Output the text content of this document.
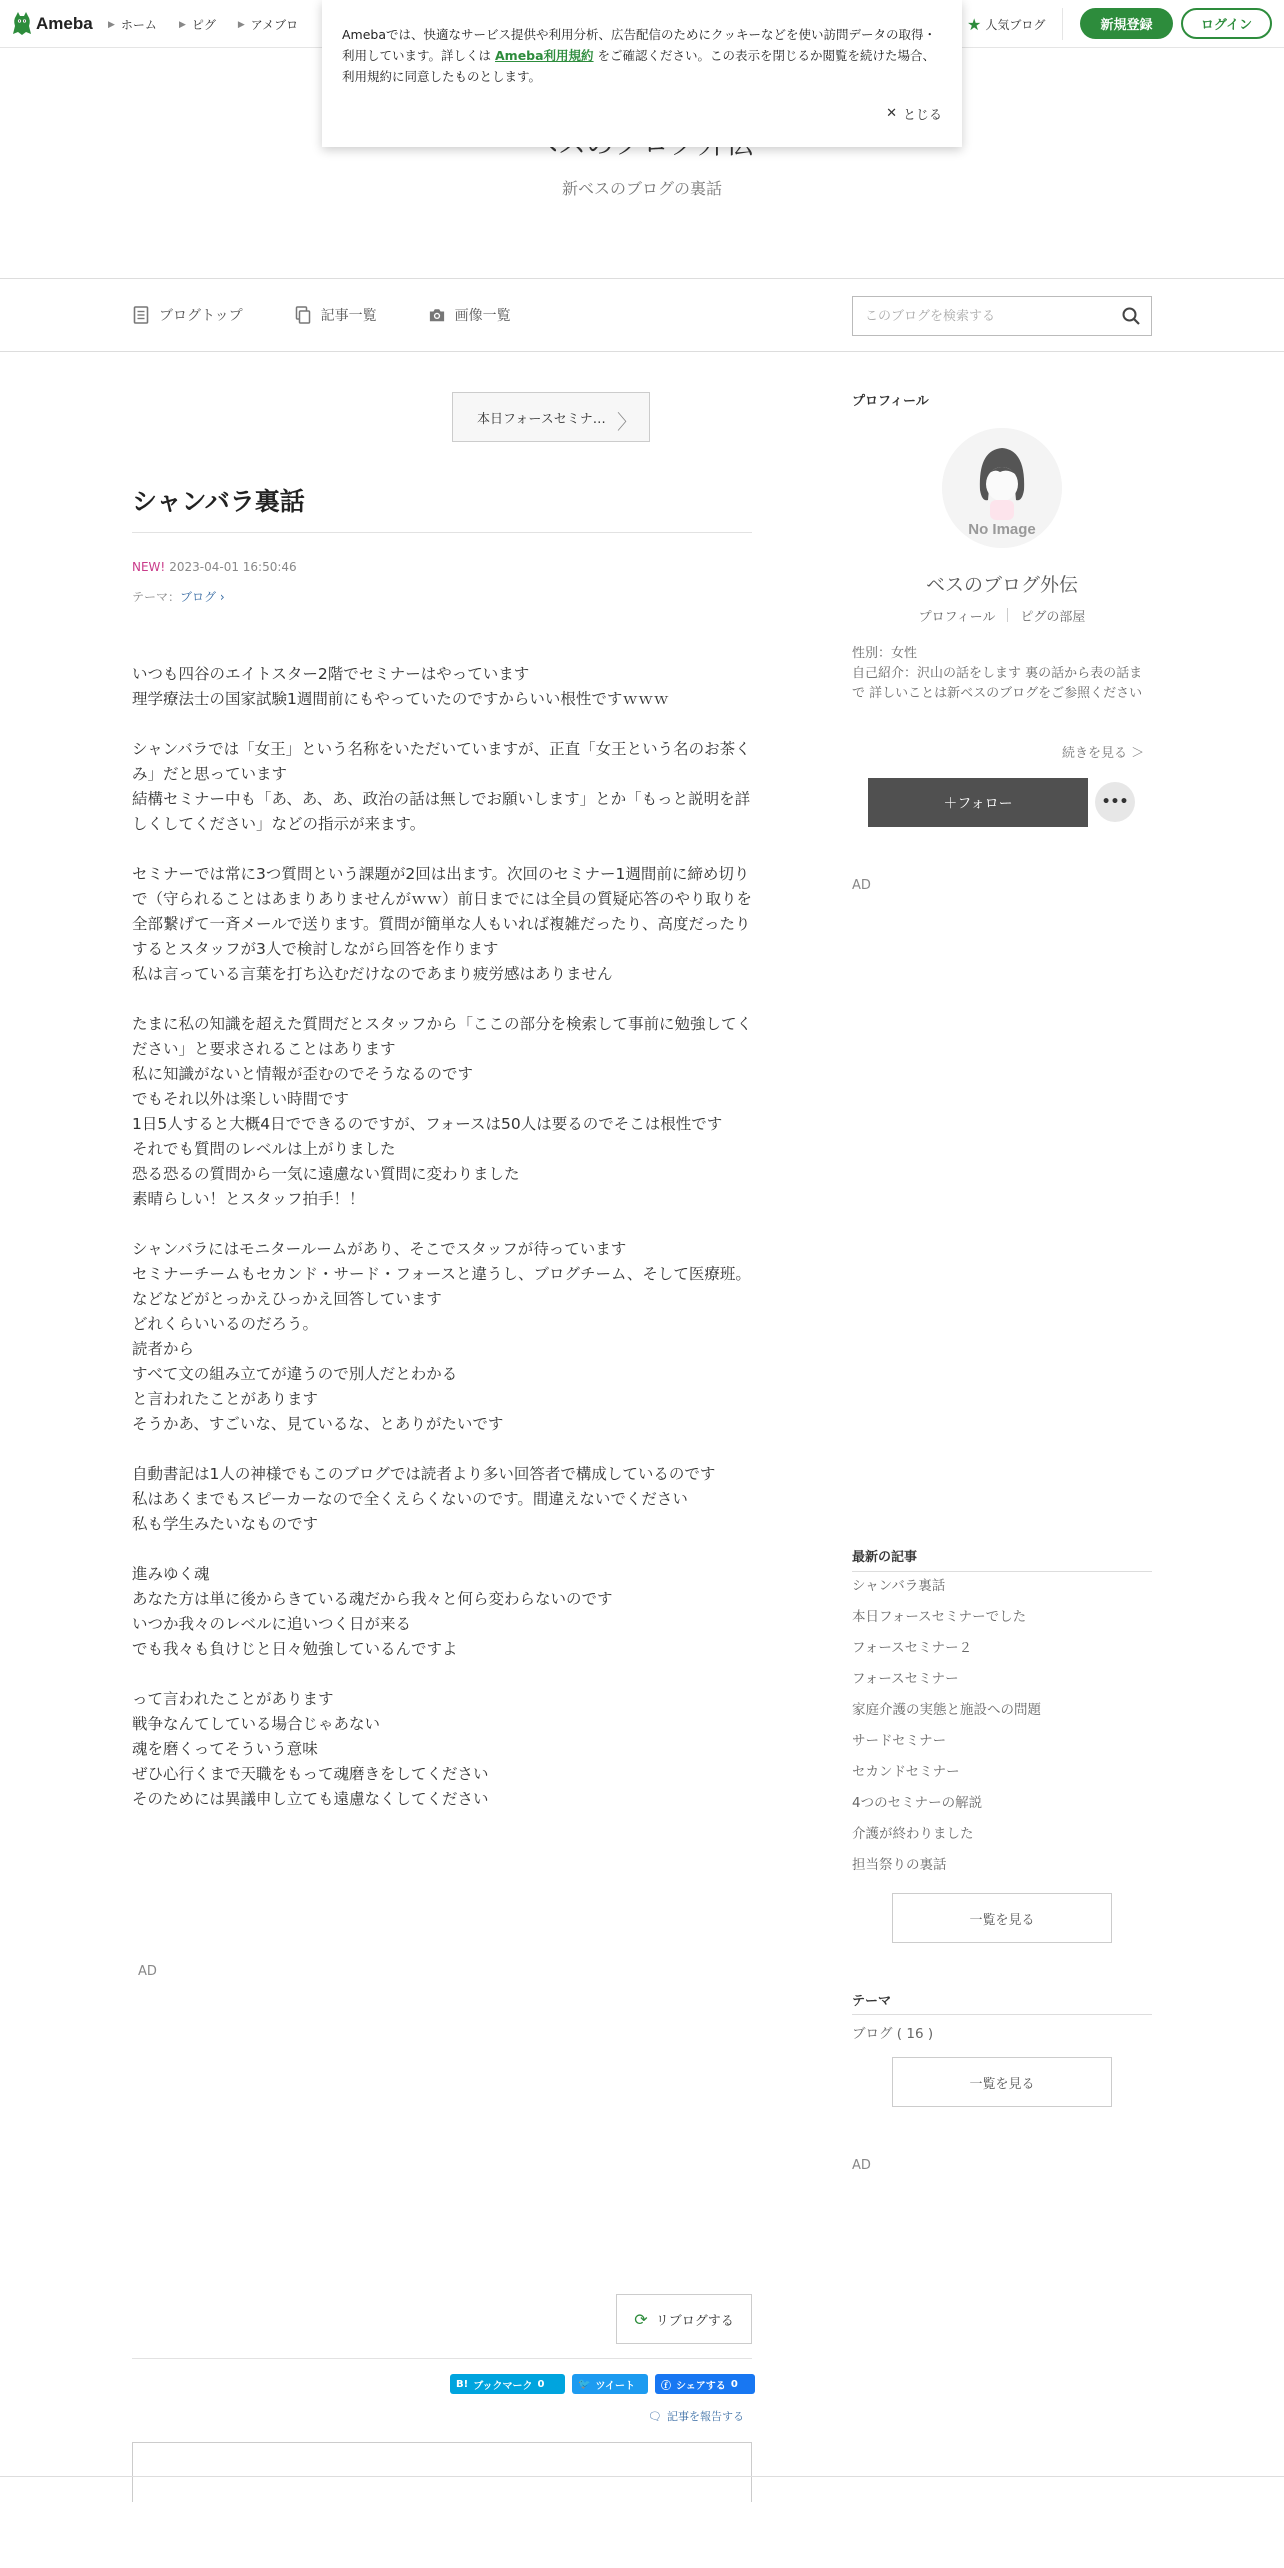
Ameba ▶ ホーム ▶ ピグ ▶ アメブロ	★ 人気ブログ	新規登録	ログイン
新ベスのブログの裏話

Amebaでは、快適なサービス提供や利用分析、広告配信のためにクッキーなどを使い訪問データの取得・利用しています。詳しくは Ameba利用規約 をご確認ください。この表示を閉じるか閲覧を続けた場合、利用規約に同意したものとします。

✕ とじる
ブログトップ	記事一覧	画像一覧
このブログを検索する
本日フォースセミナ… 〉
シャンバラ裏話
NEW! 2023-04-01 16:50:46
テーマ：ブログ ›

いつも四谷のエイトスター2階でセミナーはやっています
理学療法士の国家試験1週間前にもやっていたのですからいい根性ですｗｗｗ

シャンバラでは「女王」という名称をいただいていますが、正直「女王という名のお茶くみ」だと思っています
結構セミナー中も「あ、あ、あ、政治の話は無しでお願いします」とか「もっと説明を詳しくしてください」などの指示が来ます。

セミナーでは常に3つ質問という課題が2回は出ます。次回のセミナー1週間前に締め切りで（守られることはあまりありませんがｗｗ）前日までには全員の質疑応答のやり取りを全部繋げて一斉メールで送ります。質問が簡単な人もいれば複雑だったり、高度だったりするとスタッフが3人で検討しながら回答を作ります
私は言っている言葉を打ち込むだけなのであまり疲労感はありません

たまに私の知識を超えた質問だとスタッフから「ここの部分を検索して事前に勉強してください」と要求されることはあります
私に知識がないと情報が歪むのでそうなるのです
でもそれ以外は楽しい時間です
1日5人すると大概4日でできるのですが、フォースは50人は要るのでそこは根性です
それでも質問のレベルは上がりました
恐る恐るの質問から一気に遠慮ない質問に変わりました
素晴らしい！とスタッフ拍手！！

シャンバラにはモニタールームがあり、そこでスタッフが待っています
セミナーチームもセカンド・サード・フォースと違うし、ブログチーム、そして医療班。などなどがとっかえひっかえ回答しています
どれくらいいるのだろう。
読者から
すべて文の組み立てが違うので別人だとわかる
と言われたことがあります
そうかあ、すごいな、見ているな、とありがたいです

自動書記は1人の神様でもこのブログでは読者より多い回答者で構成しているのです
私はあくまでもスピーカーなので全くえらくないのです。間違えないでください
私も学生みたいなものです

進みゆく魂
あなた方は単に後からきている魂だから我々と何ら変わらないのです
いつか我々のレベルに追いつく日が来る
でも我々も負けじと日々勉強しているんですよ

って言われたことがあります
戦争なんてしている場合じゃあない
魂を磨くってそういう意味
ぜひ心行くまで天職をもって魂磨きをしてください
そのためには異議申し立ても遠慮なくしてください

AD
⟳ リブログする
B! ブックマーク 0	🐦 ツイート	ⓕ シェアする 0
🗨 記事を報告する
プロフィール
No Image
ベスのブログ外伝
プロフィール ピグの部屋
性別：女性
自己紹介：沢山の話をします 裏の話から表の話まで 詳しいことは新ベスのブログをご参照ください
続きを見る ＞
＋フォロー	•••
AD
最新の記事
シャンバラ裏話
本日フォースセミナーでした
フォースセミナー２
フォースセミナー
家庭介護の実態と施設への問題
サードセミナー
セカンドセミナー
4つのセミナーの解説
介護が終わりました
担当祭りの裏話
一覧を見る
テーマ
ブログ ( 16 )
一覧を見る
AD
